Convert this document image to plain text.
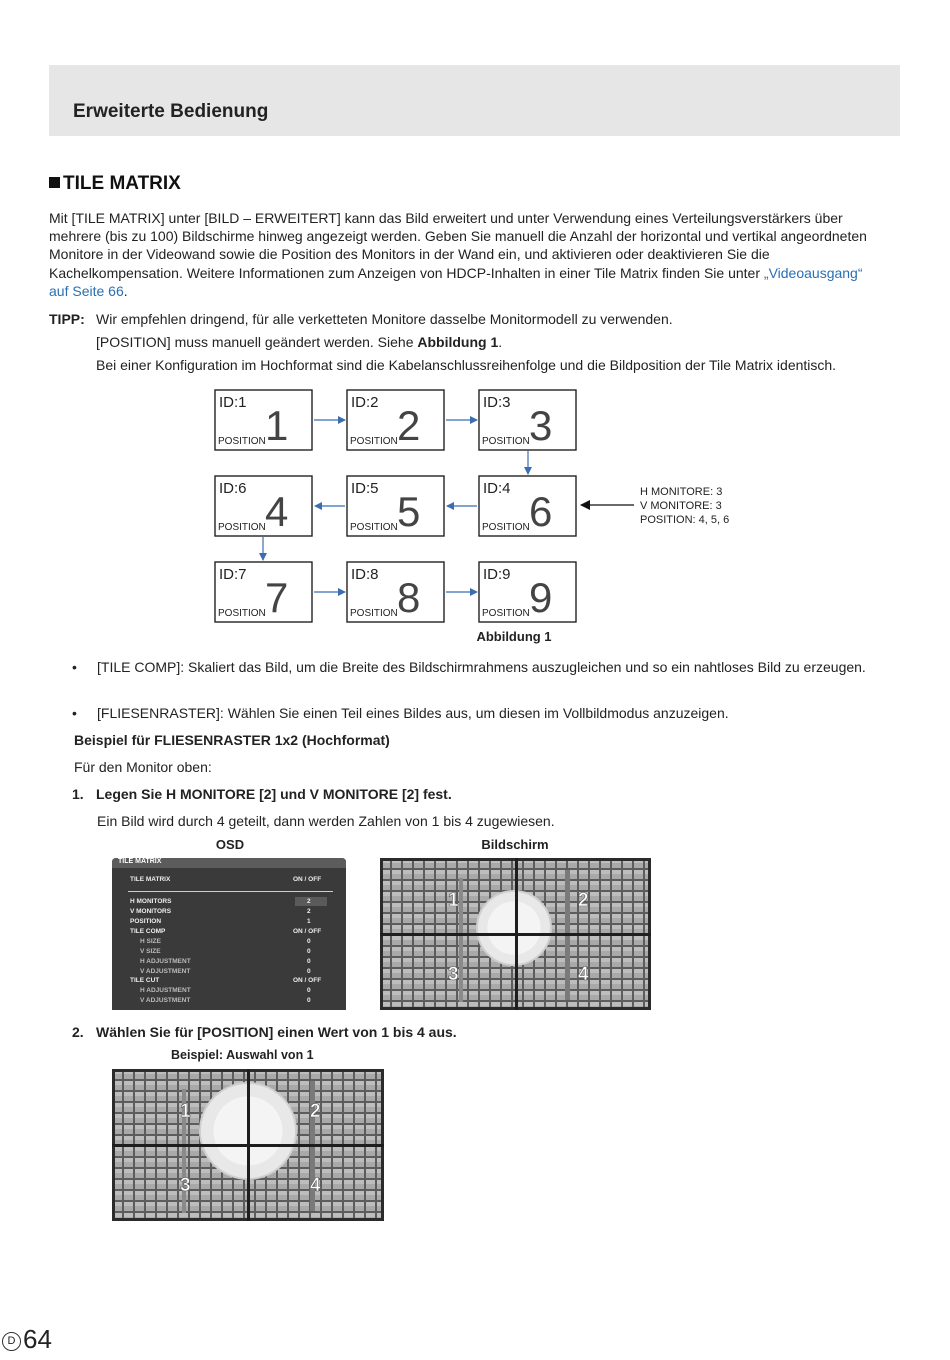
Erweiterte Bedienung
TILE MATRIX
Mit [TILE MATRIX] unter [BILD – ERWEITERT] kann das Bild erweitert und unter Verwendung eines Verteilungsverstärkers über mehrere (bis zu 100) Bildschirme hinweg angezeigt werden. Geben Sie manuell die Anzahl der horizontal und vertikal angeordneten Monitore in der Videowand sowie die Position des Monitors in der Wand ein, und aktivieren oder deaktivieren Sie die Kachelkompensation. Weitere Informationen zum Anzeigen von HDCP-Inhalten in einer Tile Matrix finden Sie unter „Videoausgang“ auf Seite 66.
TIPP: Wir empfehlen dringend, für alle verketteten Monitore dasselbe Monitormodell zu verwenden.
[POSITION] muss manuell geändert werden. Siehe Abbildung 1.
Bei einer Konfiguration im Hochformat sind die Kabelanschlussreihenfolge und die Bildposition der Tile Matrix identisch.
ID:1
POSITION 1	ID:2
POSITION 2	ID:3
POSITION 3
ID:6
POSITION 4	ID:5
POSITION 5	ID:4
POSITION 6
ID:7
POSITION 7	ID:8
POSITION 8	ID:9
POSITION 9
H MONITORE: 3
V MONITORE: 3
POSITION: 4, 5, 6
Abbildung 1
• [TILE COMP]: Skaliert das Bild, um die Breite des Bildschirmrahmens auszugleichen und so ein nahtloses Bild zu erzeugen.
• [FLIESENRASTER]: Wählen Sie einen Teil eines Bildes aus, um diesen im Vollbildmodus anzuzeigen.
Beispiel für FLIESENRASTER 1x2 (Hochformat)
Für den Monitor oben:
1. Legen Sie H MONITORE [2] und V MONITORE [2] fest.
Ein Bild wird durch 4 geteilt, dann werden Zahlen von 1 bis 4 zugewiesen.
OSD	Bildschirm
TILE MATRIX
TILE MATRIX	ON / OFF
H MONITORS	2
V MONITORS	2
POSITION	1
TILE COMP	ON / OFF
H SIZE	0
V SIZE	0
H ADJUSTMENT	0
V ADJUSTMENT	0
TILE CUT	ON / OFF
H ADJUSTMENT	0
V ADJUSTMENT	0
1	2
3	4
2. Wählen Sie für [POSITION] einen Wert von 1 bis 4 aus.
Beispiel: Auswahl von 1
1	2
3	4
D 64
